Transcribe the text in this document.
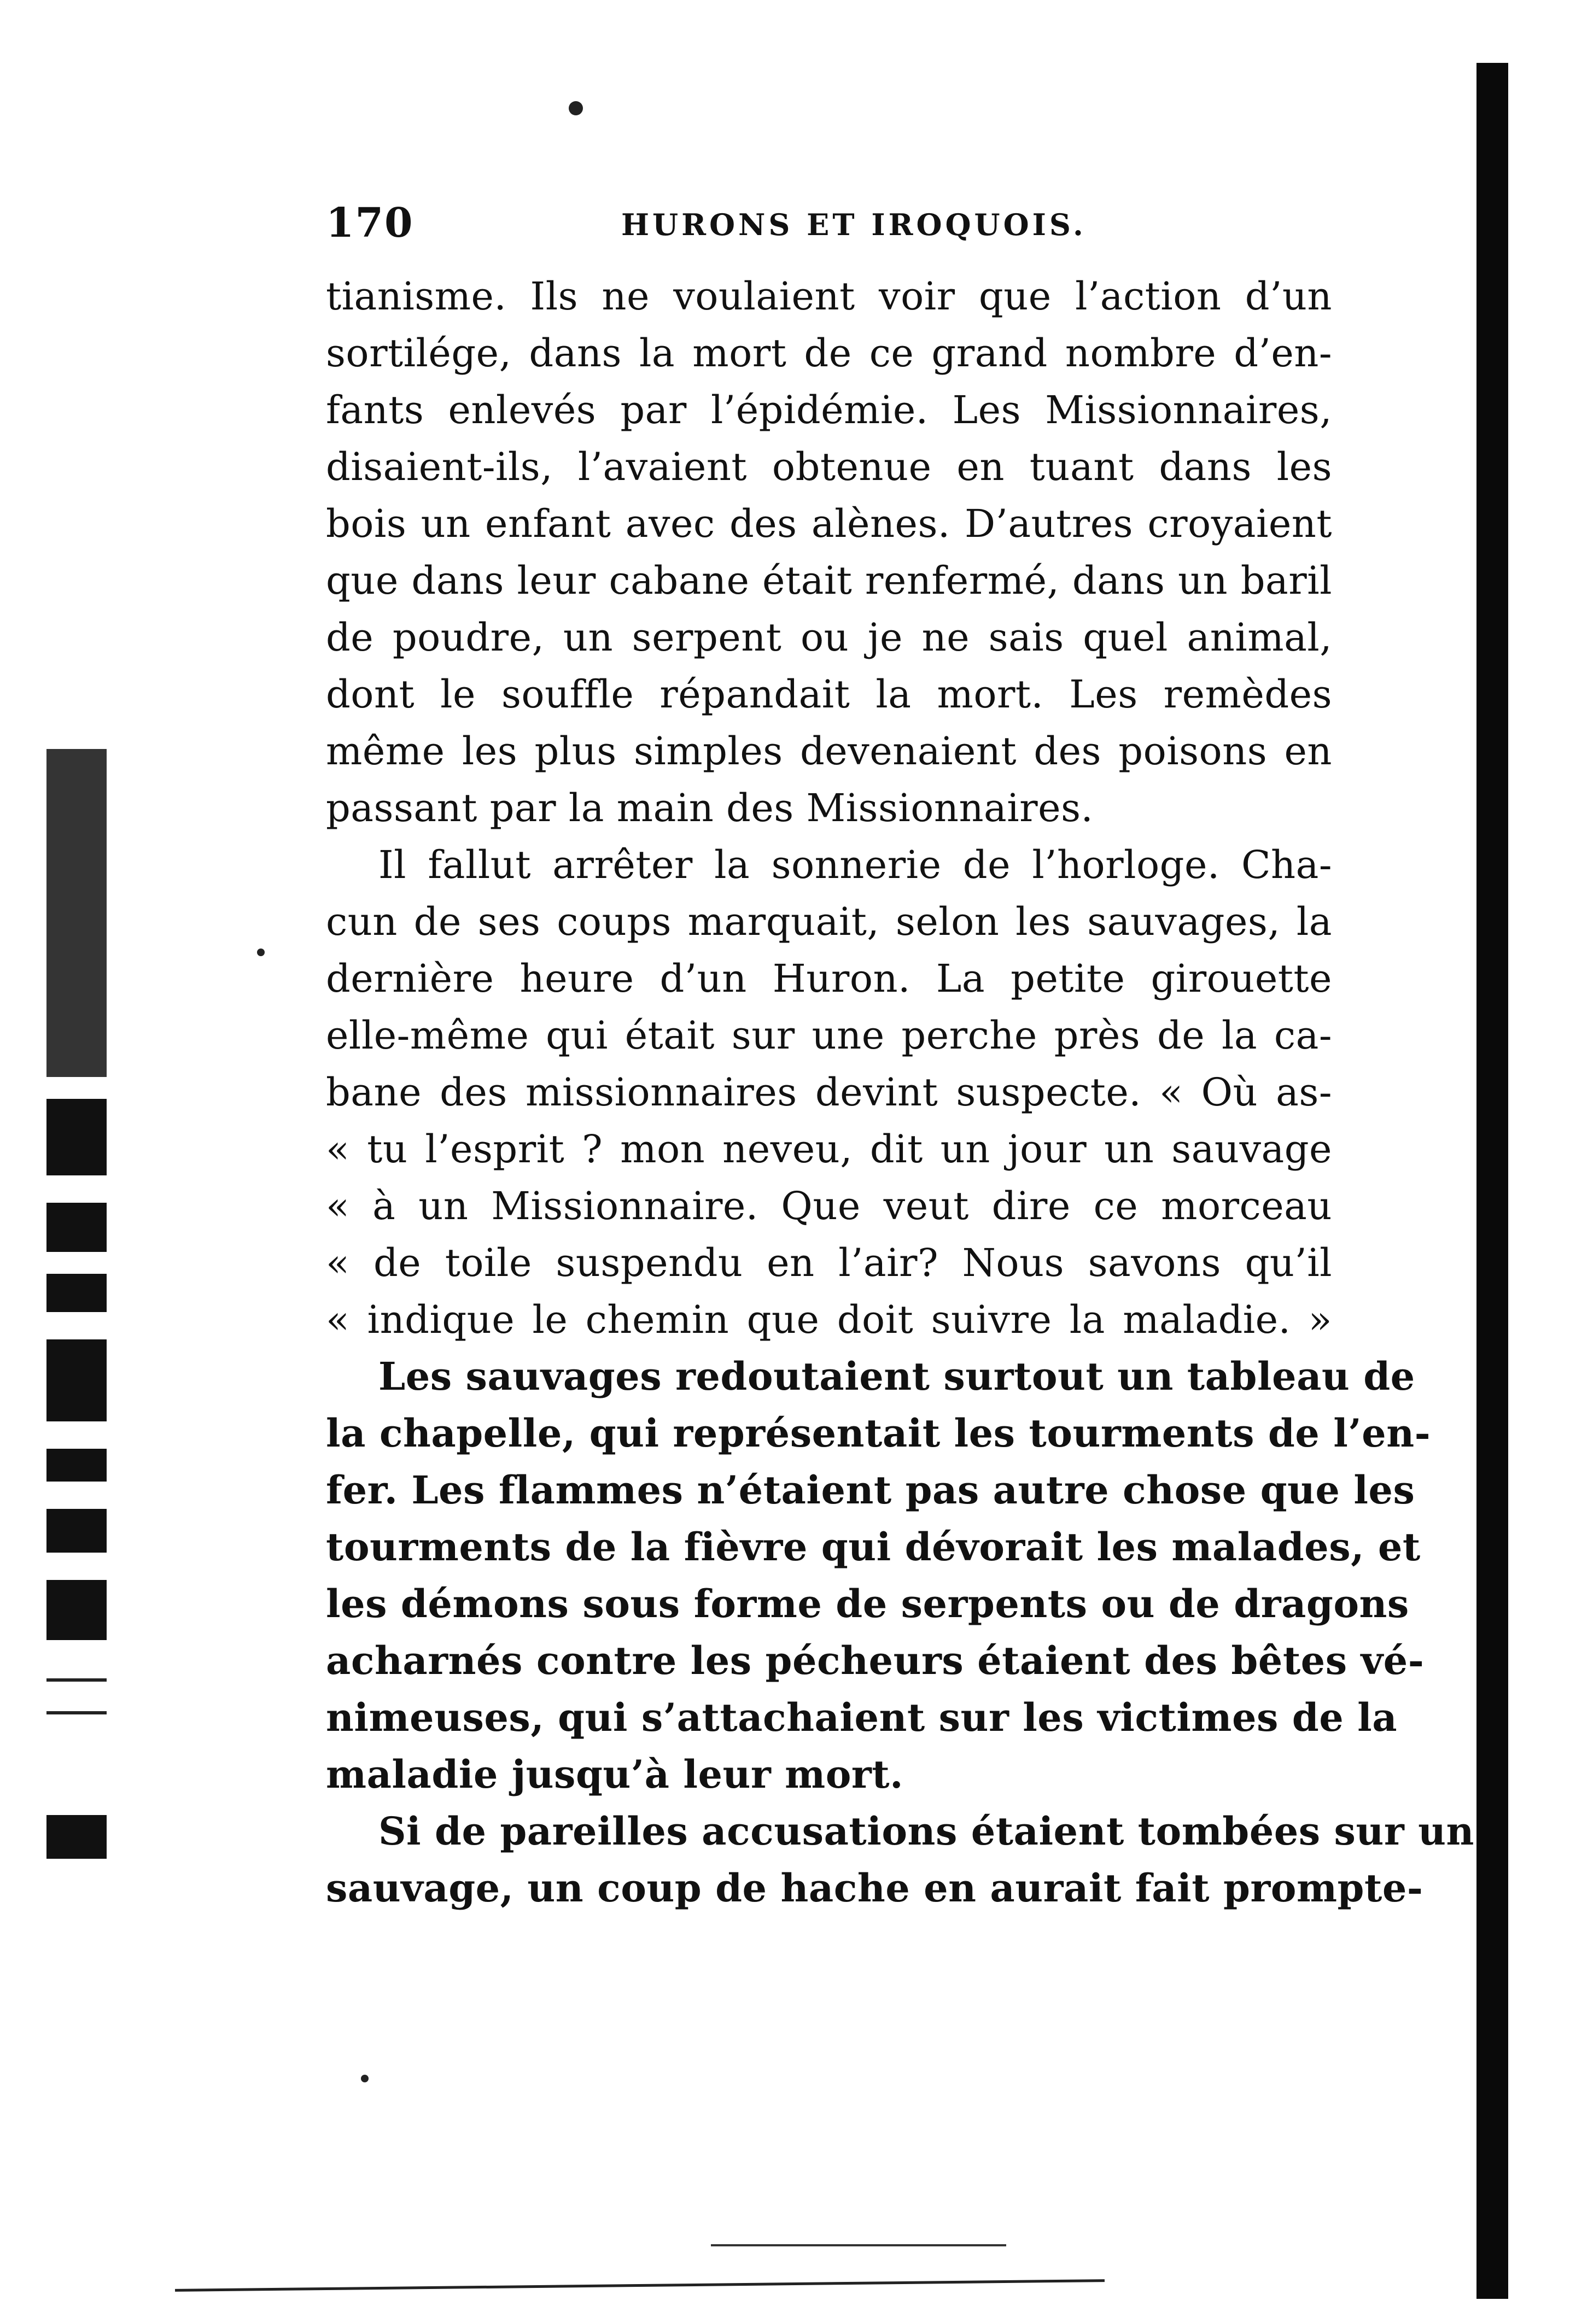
170	HURONS ET IROQUOIS.
tianisme. Ils ne voulaient voir que l’action d’un
sortilége, dans la mort de ce grand nombre d’en-
fants enlevés par l’épidémie. Les Missionnaires,
disaient-ils, l’avaient obtenue en tuant dans les
bois un enfant avec des alènes. D’autres croyaient
que dans leur cabane était renfermé, dans un baril
de poudre, un serpent ou je ne sais quel animal,
dont le souffle répandait la mort. Les remèdes
même les plus simples devenaient des poisons en
passant par la main des Missionnaires.
Il fallut arrêter la sonnerie de l’horloge. Cha-
cun de ses coups marquait, selon les sauvages, la
dernière heure d’un Huron. La petite girouette
elle-même qui était sur une perche près de la ca-
bane des missionnaires devint suspecte. « Où as-
« tu l’esprit ? mon neveu, dit un jour un sauvage
« à un Missionnaire. Que veut dire ce morceau
« de toile suspendu en l’air? Nous savons qu’il
« indique le chemin que doit suivre la maladie. »
Les sauvages redoutaient surtout un tableau de
la chapelle, qui représentait les tourments de l’en-
fer. Les flammes n’étaient pas autre chose que les
tourments de la fièvre qui dévorait les malades, et
les démons sous forme de serpents ou de dragons
acharnés contre les pécheurs étaient des bêtes vé-
nimeuses, qui s’attachaient sur les victimes de la
maladie jusqu’à leur mort.
Si de pareilles accusations étaient tombées sur un
sauvage, un coup de hache en aurait fait prompte-
